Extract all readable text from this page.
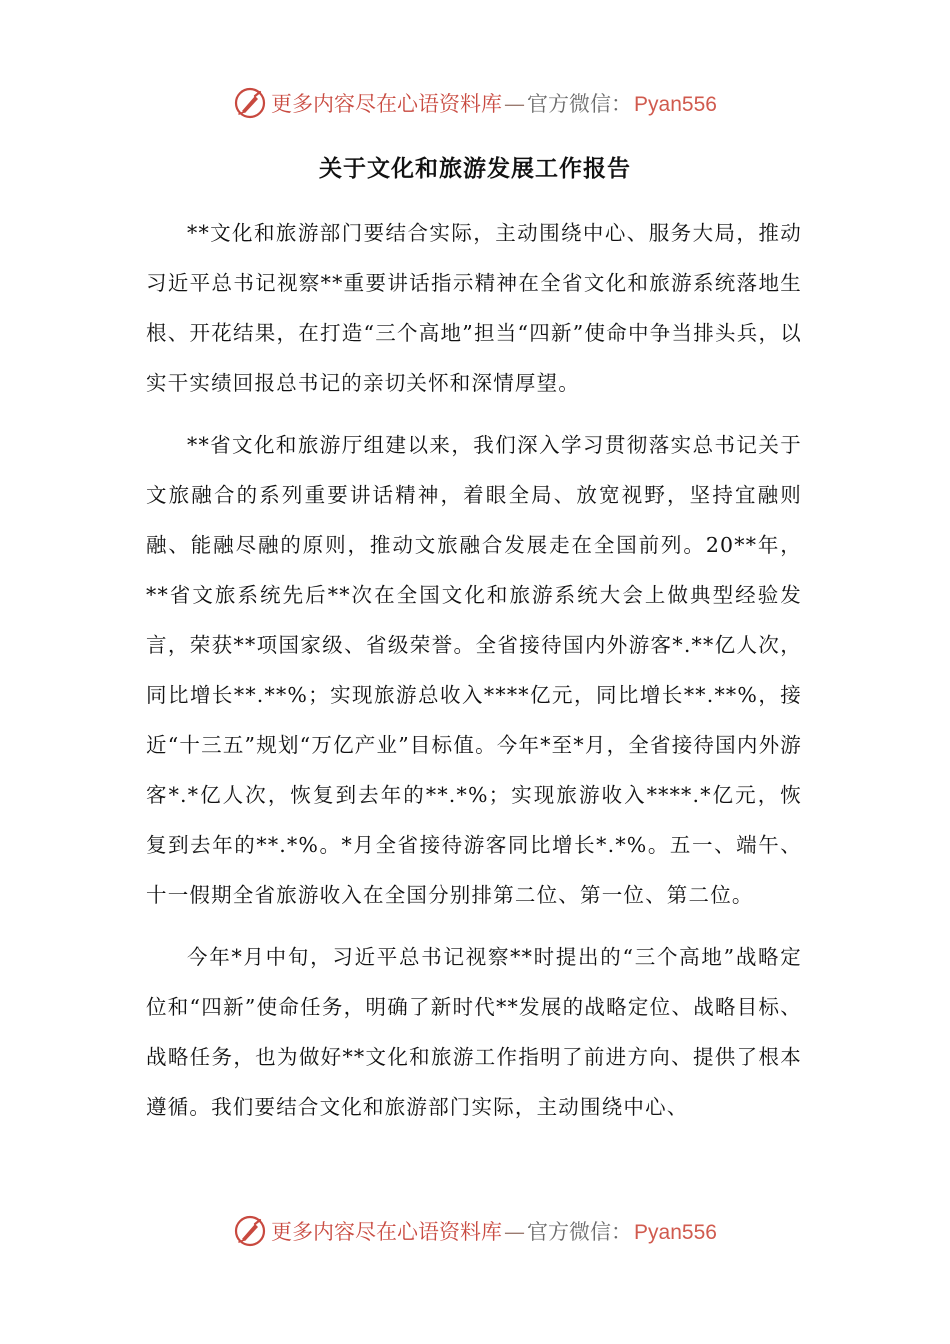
更多内容尽在心语资料库 — 官方微信： Pyan556
关于文化和旅游发展工作报告

**文化和旅游部门要结合实际，主动围绕中心、服务大局，推动习近平总书记视察**重要讲话指示精神在全省文化和旅游系统落地生根、开花结果，在打造“三个高地”担当“四新”使命中争当排头兵，以实干实绩回报总书记的亲切关怀和深情厚望。

**省文化和旅游厅组建以来，我们深入学习贯彻落实总书记关于文旅融合的系列重要讲话精神，着眼全局、放宽视野，坚持宜融则融、能融尽融的原则，推动文旅融合发展走在全国前列。20**年，**省文旅系统先后**次在全国文化和旅游系统大会上做典型经验发言，荣获**项国家级、省级荣誉。全省接待国内外游客*.**亿人次，同比增长**.**%；实现旅游总收入****亿元，同比增长**.**%，接近“十三五”规划“万亿产业”目标值。今年*至*月，全省接待国内外游客*.*亿人次，恢复到去年的**.*%；实现旅游收入****.*亿元，恢复到去年的**.*%。*月全省接待游客同比增长*.*%。五一、端午、十一假期全省旅游收入在全国分别排第二位、第一位、第二位。

今年*月中旬，习近平总书记视察**时提出的“三个高地”战略定位和“四新”使命任务，明确了新时代**发展的战略定位、战略目标、战略任务，也为做好**文化和旅游工作指明了前进方向、提供了根本遵循。我们要结合文化和旅游部门实际，主动围绕中心、

更多内容尽在心语资料库 — 官方微信： Pyan556
